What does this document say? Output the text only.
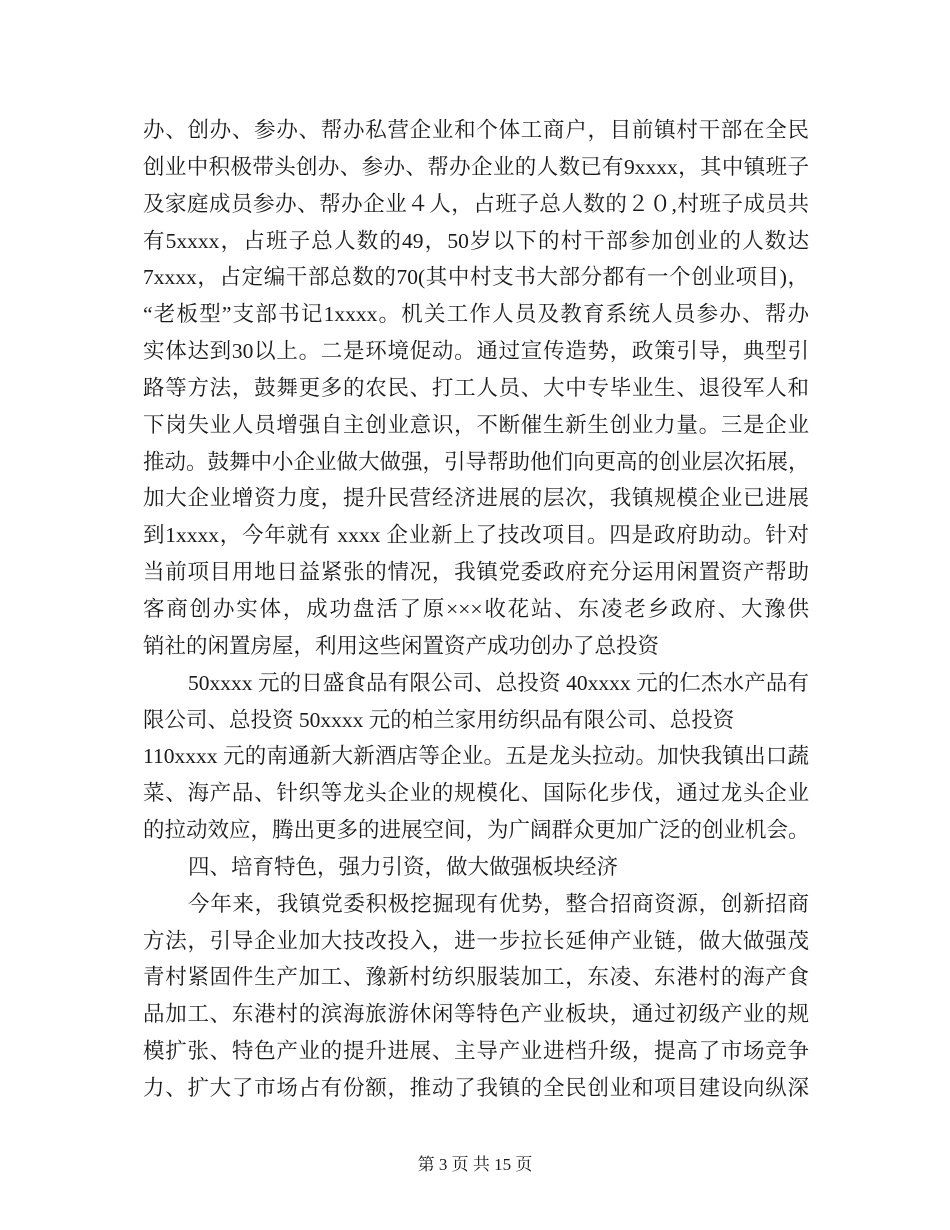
办、创办、参办、帮办私营企业和个体工商户，目前镇村干部在全民
创业中积极带头创办、参办、帮办企业的人数已有9xxxx，其中镇班子
及家庭成员参办、帮办企业４人，占班子总人数的２０,村班子成员共
有5xxxx，占班子总人数的49，50岁以下的村干部参加创业的人数达
7xxxx，占定编干部总数的70(其中村支书大部分都有一个创业项目)，
“老板型”支部书记1xxxx。机关工作人员及教育系统人员参办、帮办
实体达到30以上。二是环境促动。通过宣传造势，政策引导，典型引
路等方法，鼓舞更多的农民、打工人员、大中专毕业生、退役军人和
下岗失业人员增强自主创业意识，不断催生新生创业力量。三是企业
推动。鼓舞中小企业做大做强，引导帮助他们向更高的创业层次拓展，
加大企业增资力度，提升民营经济进展的层次，我镇规模企业已进展
到1xxxx，今年就有 xxxx 企业新上了技改项目。四是政府助动。针对
当前项目用地日益紧张的情况，我镇党委政府充分运用闲置资产帮助
客商创办实体，成功盘活了原×××收花站、东凌老乡政府、大豫供
销社的闲置房屋，利用这些闲置资产成功创办了总投资
50xxxx 元的日盛食品有限公司、总投资 40xxxx 元的仁杰水产品有
限公司、总投资 50xxxx 元的柏兰家用纺织品有限公司、总投资
110xxxx 元的南通新大新酒店等企业。五是龙头拉动。加快我镇出口蔬
菜、海产品、针织等龙头企业的规模化、国际化步伐，通过龙头企业
的拉动效应，腾出更多的进展空间，为广阔群众更加广泛的创业机会。
四、培育特色，强力引资，做大做强板块经济
今年来，我镇党委积极挖掘现有优势，整合招商资源，创新招商
方法，引导企业加大技改投入，进一步拉长延伸产业链，做大做强茂
青村紧固件生产加工、豫新村纺织服装加工，东凌、东港村的海产食
品加工、东港村的滨海旅游休闲等特色产业板块，通过初级产业的规
模扩张、特色产业的提升进展、主导产业进档升级，提高了市场竞争
力、扩大了市场占有份额，推动了我镇的全民创业和项目建设向纵深
第 3 页 共 15 页
